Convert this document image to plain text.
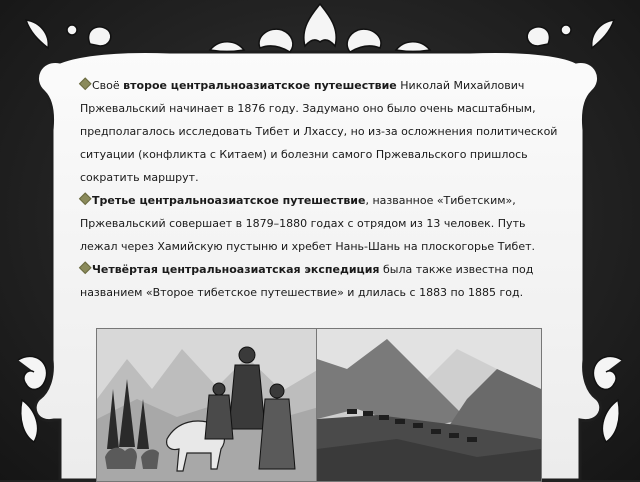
Своё второе центральноазиатское путешествие Николай Михайлович Пржевальский начинает в 1876 году. Задумано оно было очень масштабным, предполагалось исследовать Тибет и Лхассу, но из-за осложнения политической ситуации (конфликта с Китаем) и болезни самого Пржевальского пришлось сократить маршрут.

Третье центральноазиатское путешествие, названное «Тибетским», Пржевальский совершает в 1879–1880 годах с отрядом из 13 человек. Путь лежал через Хамийскую пустыню и хребет Нань-Шань на плоскогорье Тибет.

Четвёртая центральноазиатская экспедиция была также известна под названием «Второе тибетское путешествие» и длилась с 1883 по 1885 год.
